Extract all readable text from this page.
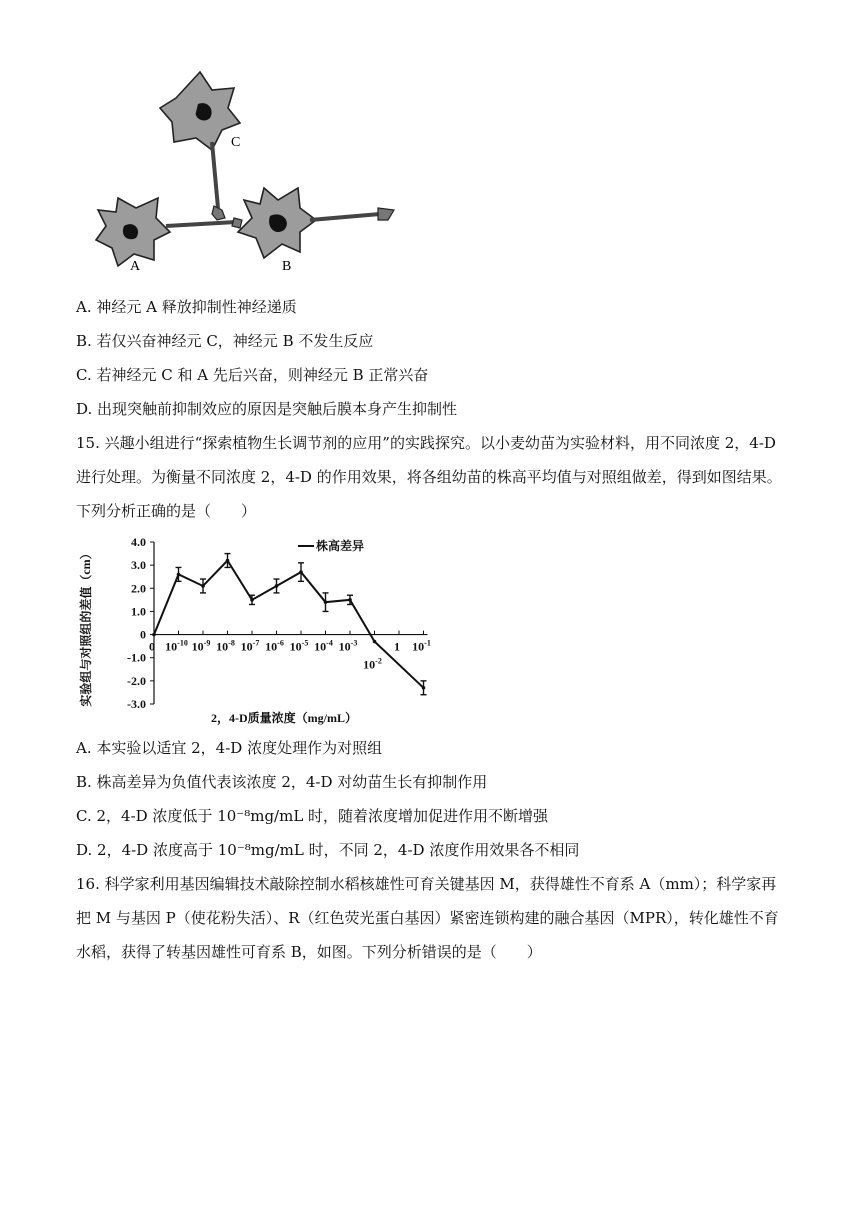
C
A	B
A. 神经元 A 释放抑制性神经递质
B. 若仅兴奋神经元 C，神经元 B 不发生反应
C. 若神经元 C 和 A 先后兴奋，则神经元 B 正常兴奋
D. 出现突触前抑制效应的原因是突触后膜本身产生抑制性
15. 兴趣小组进行“探索植物生长调节剂的应用”的实践探究。以小麦幼苗为实验材料，用不同浓度 2，4-D
进行处理。为衡量不同浓度 2，4-D 的作用效果，将各组幼苗的株高平均值与对照组做差，得到如图结果。
下列分析正确的是（　　）
4.0
3.0
2.0
1.0
0
-1.0
-2.0
-3.0
0 $10^{-10}$ $10^{-9}$ $10^{-8}$ $10^{-7}$ $10^{-6}$ $10^{-5}$ $10^{-4}$ $10^{-3}$
$10^{-2}$
1 $10^{-1}$
株高差异
实验组与对照组的差值（cm）
2，4-D质量浓度（mg/mL）
A. 本实验以适宜 2，4-D 浓度处理作为对照组
B. 株高差异为负值代表该浓度 2，4-D 对幼苗生长有抑制作用
C. 2，4-D 浓度低于 10⁻⁸mg/mL 时，随着浓度增加促进作用不断增强
D. 2，4-D 浓度高于 10⁻⁸mg/mL 时，不同 2，4-D 浓度作用效果各不相同
16. 科学家利用基因编辑技术敲除控制水稻核雄性可育关键基因 M，获得雄性不育系 A（mm）；科学家再
把 M 与基因 P（使花粉失活）、R（红色荧光蛋白基因）紧密连锁构建的融合基因（MPR），转化雄性不育
水稻，获得了转基因雄性可育系 B，如图。下列分析错误的是（　　）
